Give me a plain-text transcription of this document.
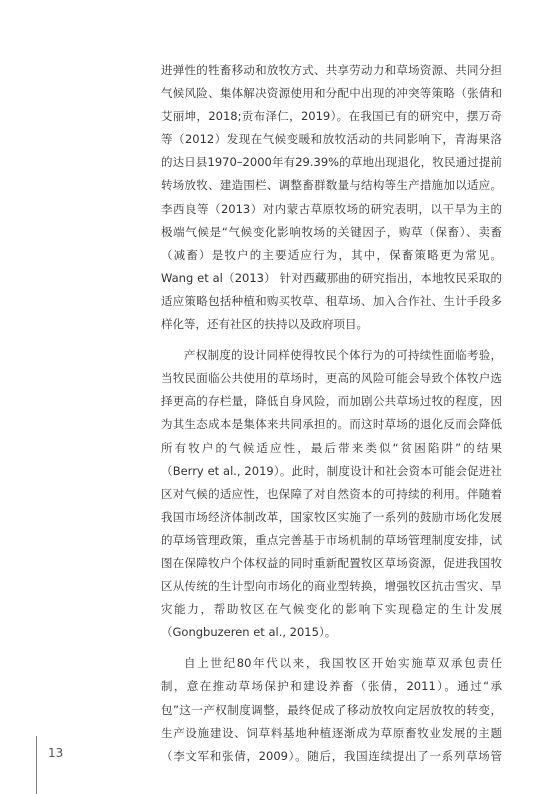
进弹性的牲畜移动和放牧方式、共享劳动力和草场资源、共同分担
气候风险、集体解决资源使用和分配中出现的冲突等策略（张倩和
艾丽坤，2018;贡布泽仁，2019）。在我国已有的研究中，摆万奇
等（2012）发现在气候变暖和放牧活动的共同影响下，青海果洛
的达日县1970–2000年有29.39%的草地出现退化，牧民通过提前
转场放牧、建造围栏、调整畜群数量与结构等生产措施加以适应。
李西良等（2013）对内蒙古草原牧场的研究表明，以干旱为主的
极端气候是“气候变化影响牧场的关键因子，购草（保畜）、卖畜
（减畜）是牧户的主要适应行为，其中，保畜策略更为常见。
Wang et al（2013） 针对西藏那曲的研究指出，本地牧民采取的
适应策略包括种植和购买牧草、租草场、加入合作社、生计手段多
样化等，还有社区的扶持以及政府项目。
产权制度的设计同样使得牧民个体行为的可持续性面临考验，
当牧民面临公共使用的草场时，更高的风险可能会导致个体牧户选
择更高的存栏量，降低自身风险，而加剧公共草场过牧的程度，因
为其生态成本是集体来共同承担的。而这时草场的退化反而会降低
所有牧户的气候适应性，最后带来类似“贫困陷阱”的结果
（Berry et al., 2019）。此时，制度设计和社会资本可能会促进社
区对气候的适应性，也保障了对自然资本的可持续的利用。伴随着
我国市场经济体制改革，国家牧区实施了一系列的鼓励市场化发展
的草场管理政策，重点完善基于市场机制的草场管理制度安排，试
图在保障牧户个体权益的同时重新配置牧区草场资源，促进我国牧
区从传统的生计型向市场化的商业型转换，增强牧区抗击雪灾、旱
灾能力，帮助牧区在气候变化的影响下实现稳定的生计发展
（Gongbuzeren et al., 2015）。
自上世纪80年代以来，我国牧区开始实施草双承包责任
制，意在推动草场保护和建设养畜（张倩，2011）。通过“承
包”这一产权制度调整，最终促成了移动放牧向定居放牧的转变，
生产设施建设、饲草料基地种植逐渐成为草原畜牧业发展的主题
（李文军和张倩，2009）。随后，我国连续提出了一系列草场管
13
